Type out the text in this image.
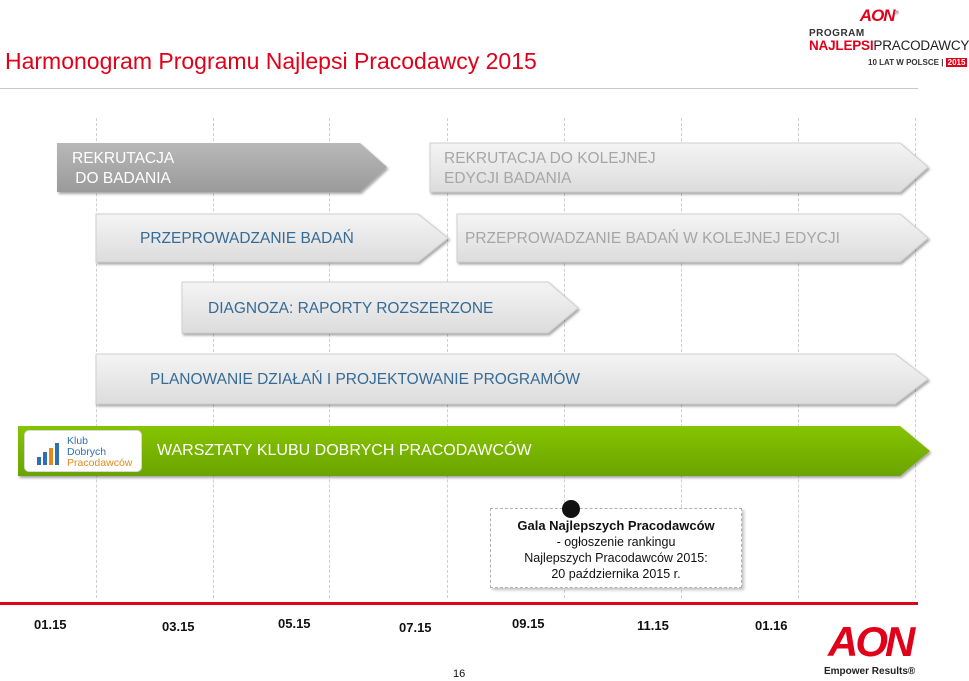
Harmonogram Programu Najlepsi Pracodawcy 2015
AON®
PROGRAM
NAJLEPSIPRACODAWCY
10 LAT W POLSCE | 2015
REKRUTACJA
DO BADANIA
REKRUTACJA DO KOLEJNEJ
EDYCJI BADANIA
PRZEPROWADZANIE BADAŃ	PRZEPROWADZANIE BADAŃ W KOLEJNEJ EDYCJI
DIAGNOZA: RAPORTY ROZSZERZONE
PLANOWANIE DZIAŁAŃ I PROJEKTOWANIE PROGRAMÓW
WARSZTATY KLUBU DOBRYCH PRACODAWCÓW
Klub
Dobrych
Pracodawców
Gala Najlepszych Pracodawców
- ogłoszenie rankingu
Najlepszych Pracodawców 2015:
20 października 2015 r.
01.15	03.15	05.15	07.15	09.15	11.15	01.16 AON
Empower Results®
16
